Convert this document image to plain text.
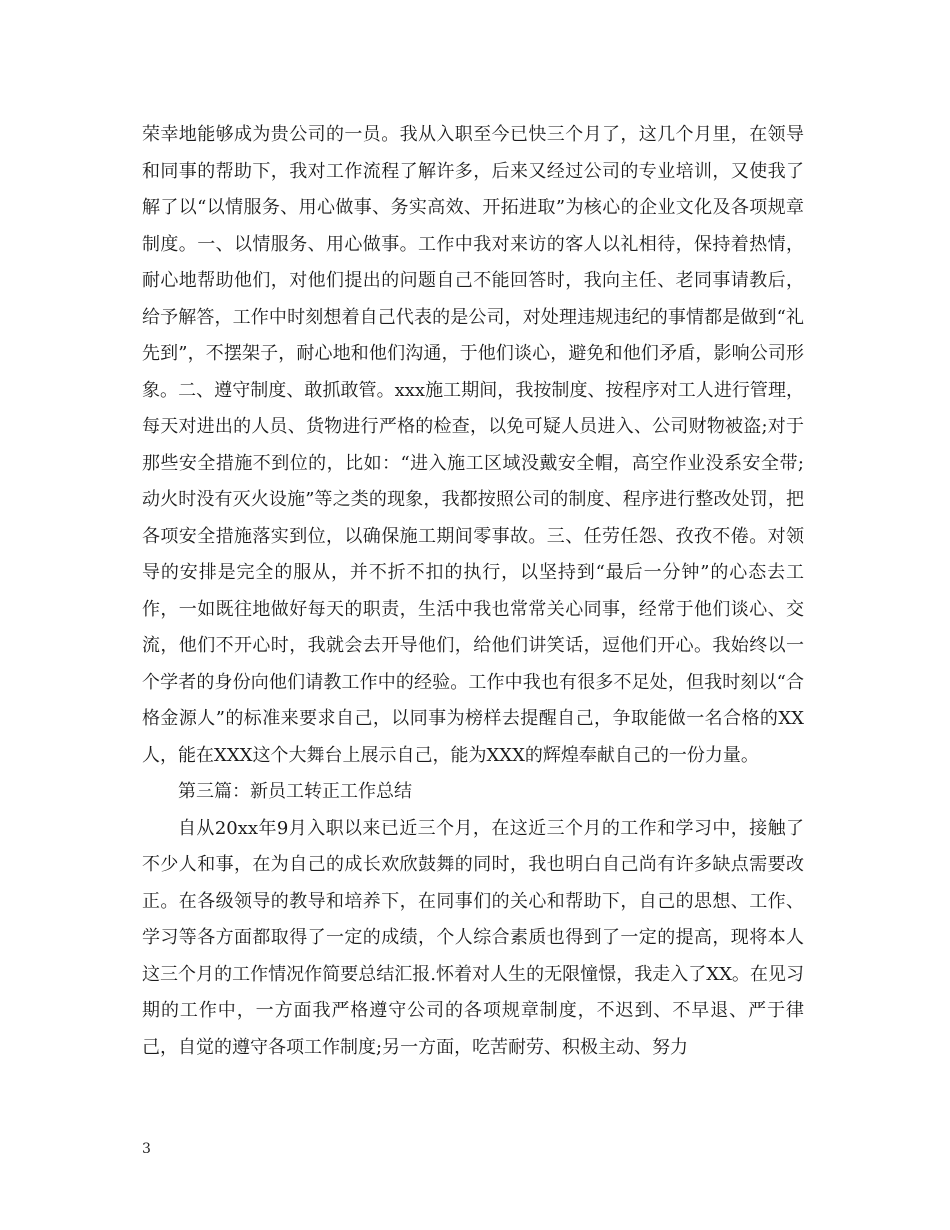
荣幸地能够成为贵公司的一员。我从入职至今已快三个月了，这几个月里，在领导和同事的帮助下，我对工作流程了解许多，后来又经过公司的专业培训，又使我了解了以“以情服务、用心做事、务实高效、开拓进取”为核心的企业文化及各项规章制度。一、以情服务、用心做事。工作中我对来访的客人以礼相待，保持着热情，耐心地帮助他们，对他们提出的问题自己不能回答时，我向主任、老同事请教后，给予解答，工作中时刻想着自己代表的是公司，对处理违规违纪的事情都是做到“礼先到”，不摆架子，耐心地和他们沟通，于他们谈心，避免和他们矛盾，影响公司形象。二、遵守制度、敢抓敢管。xxx施工期间，我按制度、按程序对工人进行管理，每天对进出的人员、货物进行严格的检查，以免可疑人员进入、公司财物被盗;对于那些安全措施不到位的，比如：“进入施工区域没戴安全帽，高空作业没系安全带;动火时没有灭火设施”等之类的现象，我都按照公司的制度、程序进行整改处罚，把各项安全措施落实到位，以确保施工期间零事故。三、任劳任怨、孜孜不倦。对领导的安排是完全的服从，并不折不扣的执行，以坚持到“最后一分钟”的心态去工作，一如既往地做好每天的职责，生活中我也常常关心同事，经常于他们谈心、交流，他们不开心时，我就会去开导他们，给他们讲笑话，逗他们开心。我始终以一个学者的身份向他们请教工作中的经验。工作中我也有很多不足处，但我时刻以“合格金源人”的标准来要求自己，以同事为榜样去提醒自己，争取能做一名合格的XX人，能在XXX这个大舞台上展示自己，能为XXX的辉煌奉献自己的一份力量。

第三篇：新员工转正工作总结

自从20xx年9月入职以来已近三个月，在这近三个月的工作和学习中，接触了不少人和事，在为自己的成长欢欣鼓舞的同时，我也明白自己尚有许多缺点需要改正。在各级领导的教导和培养下，在同事们的关心和帮助下，自己的思想、工作、学习等各方面都取得了一定的成绩，个人综合素质也得到了一定的提高，现将本人这三个月的工作情况作简要总结汇报.怀着对人生的无限憧憬，我走入了XX。在见习期的工作中，一方面我严格遵守公司的各项规章制度，不迟到、不早退、严于律己，自觉的遵守各项工作制度;另一方面，吃苦耐劳、积极主动、努力

3
